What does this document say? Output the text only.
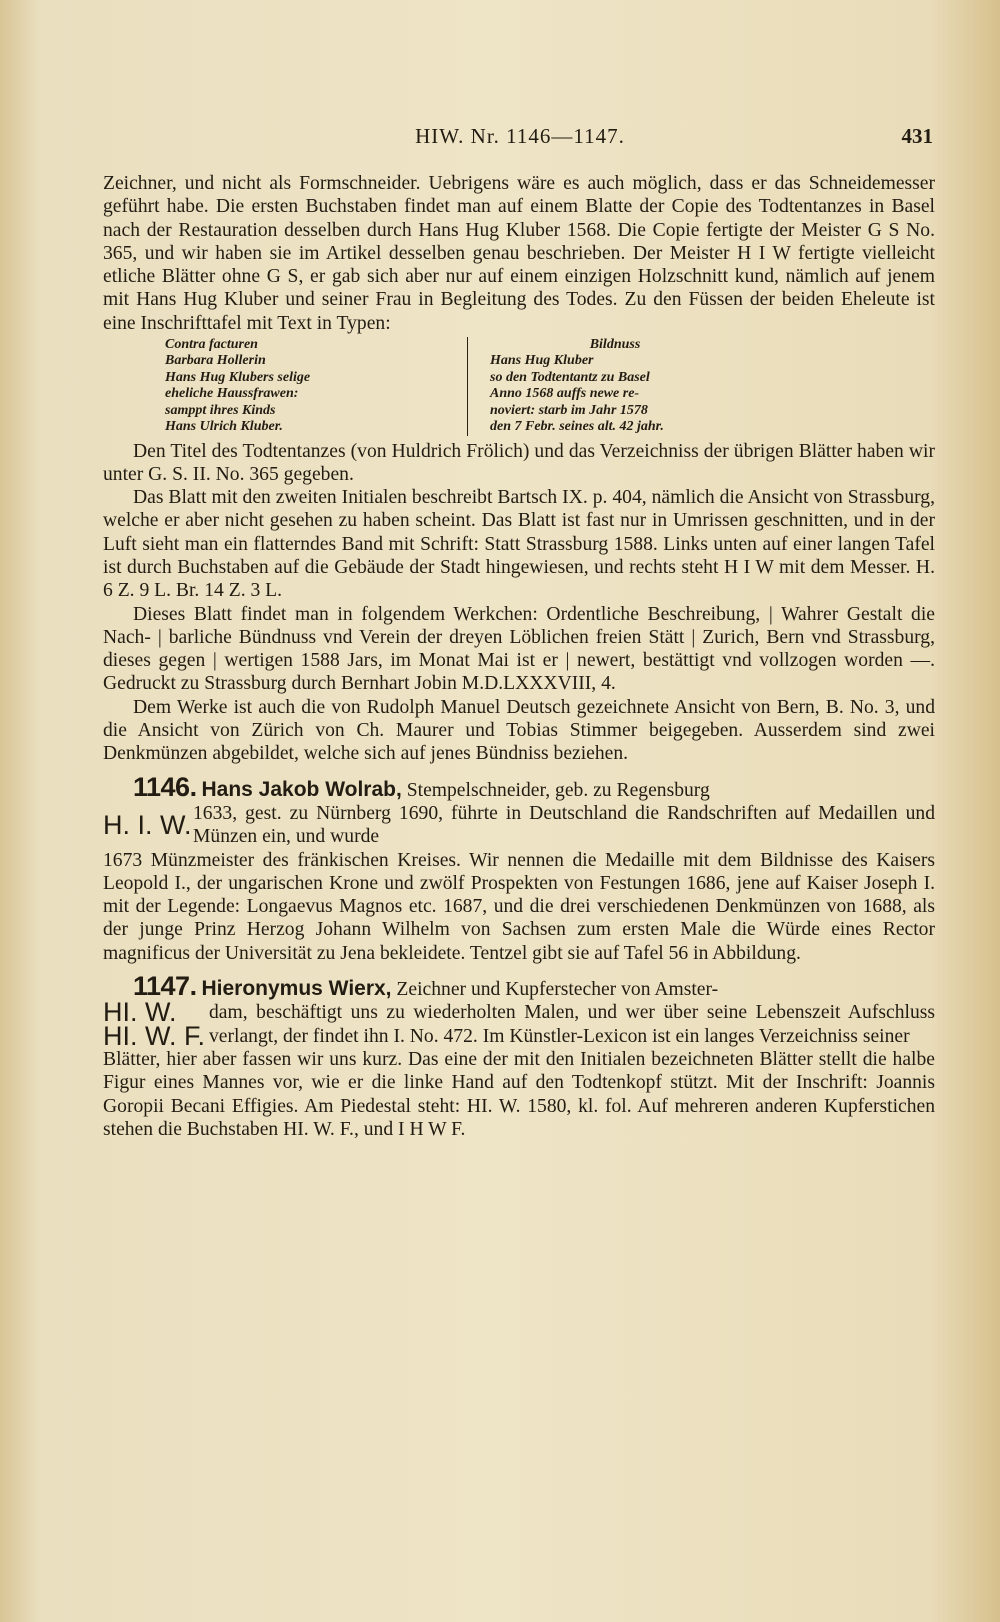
HIW. Nr. 1146—1147.	431

Zeichner, und nicht als Formschneider. Uebrigens wäre es auch möglich, dass er das Schneidemesser geführt habe. Die ersten Buchstaben findet man auf einem Blatte der Copie des Todtentanzes in Basel nach der Restauration desselben durch Hans Hug Kluber 1568. Die Copie fertigte der Meister G S No. 365, und wir haben sie im Artikel desselben genau beschrieben. Der Meister H I W fertigte vielleicht etliche Blätter ohne G S, er gab sich aber nur auf einem einzigen Holzschnitt kund, nämlich auf jenem mit Hans Hug Kluber und seiner Frau in Begleitung des Todes. Zu den Füssen der beiden Eheleute ist eine Inschrifttafel mit Text in Typen:

Contra facturen
Barbara Hollerin
Hans Hug Klubers selige
eheliche Haussfrawen:
samppt ihres Kinds
Hans Ulrich Kluber.
Bildnuss
Hans Hug Kluber
so den Todtentantz zu Basel
Anno 1568 auffs newe re-
noviert: starb im Jahr 1578
den 7 Febr. seines alt. 42 jahr.

Den Titel des Todtentanzes (von Huldrich Frölich) und das Verzeichniss der übrigen Blätter haben wir unter G. S. II. No. 365 gegeben.

Das Blatt mit den zweiten Initialen beschreibt Bartsch IX. p. 404, nämlich die Ansicht von Strassburg, welche er aber nicht gesehen zu haben scheint. Das Blatt ist fast nur in Umrissen geschnitten, und in der Luft sieht man ein flatterndes Band mit Schrift: Statt Strassburg 1588. Links unten auf einer langen Tafel ist durch Buchstaben auf die Gebäude der Stadt hingewiesen, und rechts steht H I W mit dem Messer. H. 6 Z. 9 L. Br. 14 Z. 3 L.

Dieses Blatt findet man in folgendem Werkchen: Ordentliche Beschreibung, | Wahrer Gestalt die Nach- | barliche Bündnuss vnd Verein der dreyen Löblichen freien Stätt | Zurich, Bern vnd Strassburg, dieses gegen | wertigen 1588 Jars, im Monat Mai ist er | newert, bestättigt vnd vollzogen worden —. Gedruckt zu Strassburg durch Bernhart Jobin M.D.LXXXVIII, 4.

Dem Werke ist auch die von Rudolph Manuel Deutsch gezeichnete Ansicht von Bern, B. No. 3, und die Ansicht von Zürich von Ch. Maurer und Tobias Stimmer beigegeben. Ausserdem sind zwei Denkmünzen abgebildet, welche sich auf jenes Bündniss beziehen.

1146. Hans Jakob Wolrab, Stempelschneider, geb. zu Regensburg
H. I. W. 1633, gest. zu Nürnberg 1690, führte in Deutschland die Randschriften auf Medaillen und Münzen ein, und wurde

1673 Münzmeister des fränkischen Kreises. Wir nennen die Medaille mit dem Bildnisse des Kaisers Leopold I., der ungarischen Krone und zwölf Prospekten von Festungen 1686, jene auf Kaiser Joseph I. mit der Legende: Longaevus Magnos etc. 1687, und die drei verschiedenen Denkmünzen von 1688, als der junge Prinz Herzog Johann Wilhelm von Sachsen zum ersten Male die Würde eines Rector magnificus der Universität zu Jena bekleidete. Tentzel gibt sie auf Tafel 56 in Abbildung.

1147. Hieronymus Wierx, Zeichner und Kupferstecher von Amster-
HI. W.
HI. W. F.

dam, beschäftigt uns zu wiederholten Malen, und wer über seine Lebenszeit Aufschluss verlangt, der findet ihn I. No. 472. Im Künstler-Lexicon ist ein langes Verzeichniss seiner

Blätter, hier aber fassen wir uns kurz. Das eine der mit den Initialen bezeichneten Blätter stellt die halbe Figur eines Mannes vor, wie er die linke Hand auf den Todtenkopf stützt. Mit der Inschrift: Joannis Goropii Becani Effigies. Am Piedestal steht: HI. W. 1580, kl. fol. Auf mehreren anderen Kupferstichen stehen die Buchstaben HI. W. F., und I H W F.
